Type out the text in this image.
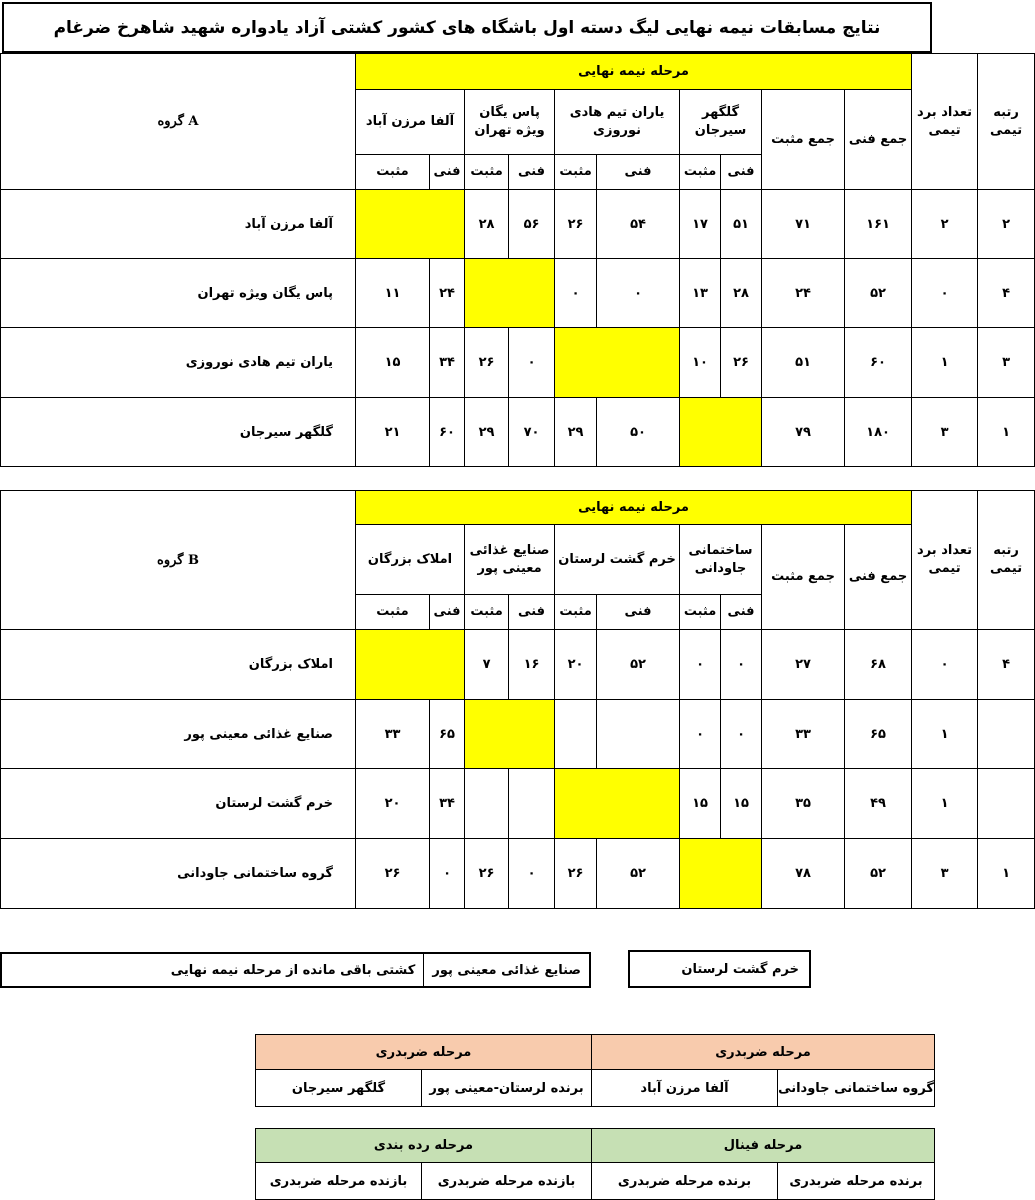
نتایج مسابقات نیمه نهایی لیگ دسته اول باشگاه های کشور کشتی آزاد یادواره شهید شاهرخ ضرغام
رتبه تیمی	تعداد برد تیمی	مرحله نیمه نهایی										گروه A
		جمع فنی	جمع مثبت	گلگهر سیرجان		یاران تیم هادی نوروزی		پاس یگان ویژه تهران		آلفا مرزن آباد		
				فنی	مثبت	فنی	مثبت	فنی	مثبت	فنی	مثبت	
۲	۲	۱۶۱	۷۱	۵۱	۱۷	۵۴	۲۶	۵۶	۲۸			آلفا مرزن آباد
۴	۰	۵۲	۲۴	۲۸	۱۳	۰	۰			۲۴	۱۱	پاس یگان ویژه تهران
۳	۱	۶۰	۵۱	۲۶	۱۰			۰	۲۶	۳۴	۱۵	یاران تیم هادی نوروزی
۱	۳	۱۸۰	۷۹			۵۰	۲۹	۷۰	۲۹	۶۰	۲۱	گلگهر سیرجان
رتبه تیمی	تعداد برد تیمی	مرحله نیمه نهایی										گروه B
		جمع فنی	جمع مثبت	ساختمانی جاودانی		خرم گشت لرستان		صنایع غذائی معینی پور		املاک بزرگان		
				فنی	مثبت	فنی	مثبت	فنی	مثبت	فنی	مثبت	
۴	۰	۶۸	۲۷	۰	۰	۵۲	۲۰	۱۶	۷			املاک بزرگان
	۱	۶۵	۳۳	۰	۰					۶۵	۳۳	صنایع غذائی معینی پور
	۱	۴۹	۳۵	۱۵	۱۵					۳۴	۲۰	خرم گشت لرستان
۱	۳	۵۲	۷۸			۵۲	۲۶	۰	۲۶	۰	۲۶	گروه ساختمانی جاودانی
خرم گشت لرستان
صنایع غذائی معینی پور
کشتی باقی مانده از مرحله نیمه نهایی
مرحله ضربدری		مرحله ضربدری	
گروه ساختمانی جاودانی	آلفا مرزن آباد	برنده لرستان-معینی پور	گلگهر سیرجان
مرحله فینال		مرحله رده بندی	
برنده مرحله ضربدری	برنده مرحله ضربدری	بازنده مرحله ضربدری	بازنده مرحله ضربدری
